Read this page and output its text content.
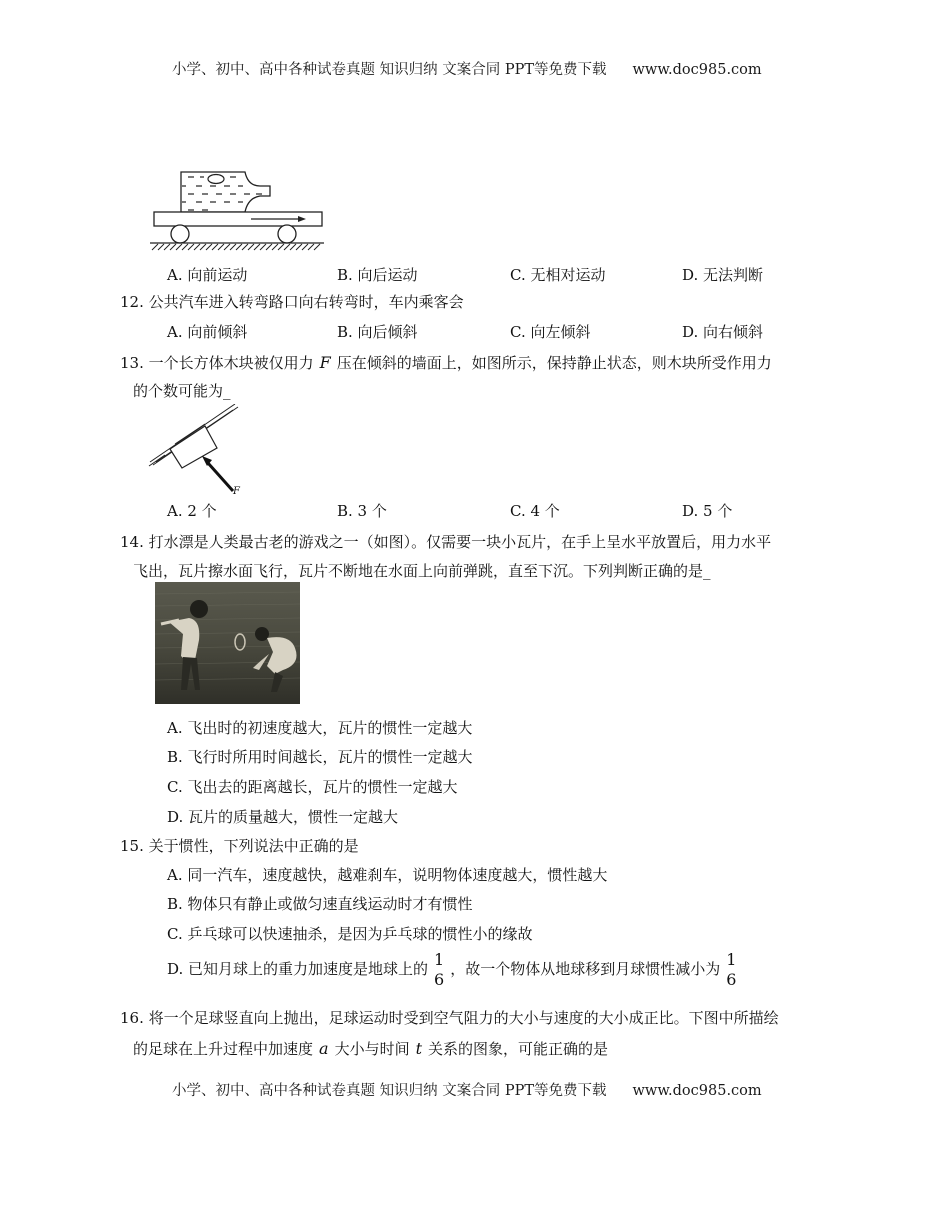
小学、初中、高中各种试卷真题 知识归纳 文案合同 PPT等免费下载 www.doc985.com
A. 向前运动	B. 向后运动	C. 无相对运动	D. 无法判断
12. 公共汽车进入转弯路口向右转弯时，车内乘客会
A. 向前倾斜	B. 向后倾斜	C. 向左倾斜	D. 向右倾斜
13. 一个长方体木块被仅用力 F 压在倾斜的墙面上，如图所示，保持静止状态，则木块所受作用力
的个数可能为_
F
A. 2 个	B. 3 个	C. 4 个	D. 5 个
14. 打水漂是人类最古老的游戏之一（如图）。仅需要一块小瓦片，在手上呈水平放置后，用力水平
飞出，瓦片擦水面飞行，瓦片不断地在水面上向前弹跳，直至下沉。下列判断正确的是_
A. 飞出时的初速度越大，瓦片的惯性一定越大
B. 飞行时所用时间越长，瓦片的惯性一定越大
C. 飞出去的距离越长，瓦片的惯性一定越大
D. 瓦片的质量越大，惯性一定越大
15. 关于惯性，下列说法中正确的是
A. 同一汽车，速度越快，越难刹车，说明物体速度越大，惯性越大
B. 物体只有静止或做匀速直线运动时才有惯性
C. 乒乓球可以快速抽杀，是因为乒乓球的惯性小的缘故
D. 已知月球上的重力加速度是地球上的 1
6
，故一个物体从地球移到月球惯性减小为 1
6
16. 将一个足球竖直向上抛出，足球运动时受到空气阻力的大小与速度的大小成正比。下图中所描绘
的足球在上升过程中加速度 a 大小与时间 t 关系的图象，可能正确的是
小学、初中、高中各种试卷真题 知识归纳 文案合同 PPT等免费下载 www.doc985.com
